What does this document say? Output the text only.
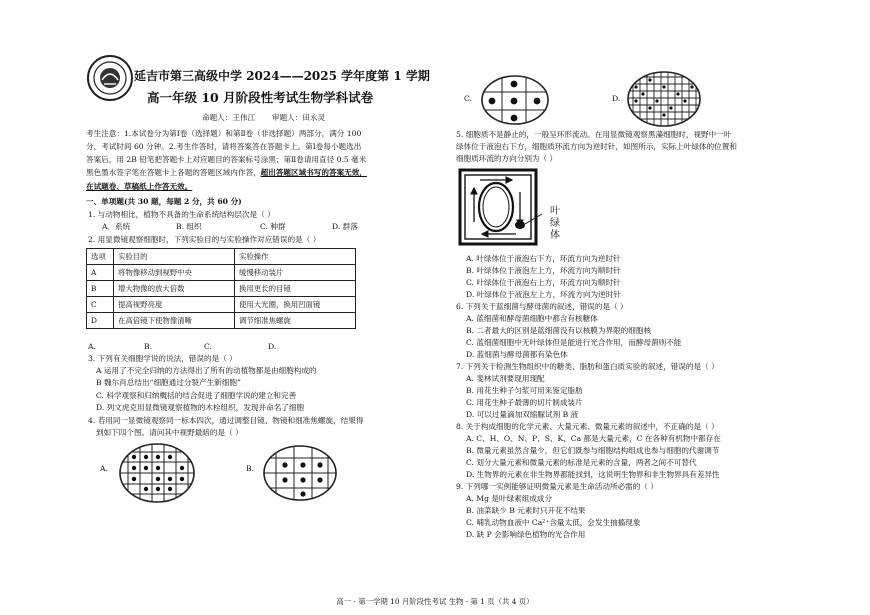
延吉市第三高级中学 2024——2025 学年度第 1 学期
高一年级 10 月阶段性考试生物学科试卷
命题人：王伟江 审题人：田永灵
考生注意：1.本试卷分为第Ⅰ卷（选择题）和第Ⅱ卷（非选择题）两部分，满分 100
分，考试时间 60 分钟。2.考生作答时，请将答案答在答题卡上。第Ⅰ卷每小题选出
答案后，用 2B 铅笔把答题卡上对应题目的答案标号涂黑；第Ⅱ卷请用直径 0.5 毫米
黑色墨水签字笔在答题卡上各题的答题区域内作答，超出答题区域书写的答案无效，
在试题卷、草稿纸上作答无效。
一、单项题(共 30 题，每题 2 分，共 60 分)
1. 与动物相比，植物不具备的生命系统结构层次是（ ）
A．系统	B. 组织	C. 种群	D. 群落
2. 用显微镜观察细胞时，下列实验目的与实验操作对应错误的是（ ）
选项	实验目的	实验操作
A	将物像移动到视野中央	缓慢移动装片
B	增大物像的放大倍数	换用更长的目镜
C	提高视野亮度	使用大光圈，换用凹面镜
D	在高倍镜下使物像清晰	调节细准焦螺旋
A.	B.	C.	D.
3. 下列有关细胞学说的说法，错误的是（ ）
A 运用了不完全归纳的方法得出了所有的动植物都是由细胞构成的
B 魏尔肖总结出“细胞通过分裂产生新细胞”
C. 科学观察和归纳概括的结合促进了细胞学说的建立和完善
D. 列文虎克用显微镜观察植物的木栓组织，发现并命名了细胞
4. 若用同一显微镜观察同一标本四次，通过调整目镜、物镜和细准焦螺旋，结果得
到如下四个图。请问其中视野最暗的是（ ）
A.	B.
C.	D.
5. 细胞质不是静止的，一般呈环形流动。在用显微镜观察黑藻细胞时，视野中一叶
绿体位于液泡右下方，细胞质环流方向为逆时针，如图所示，实际上叶绿体的位置和
细胞质环流的方向分别为（ ）
叶绿体
A. 叶绿体位于液泡右下方，环流方向为逆时针
B. 叶绿体位于液泡左上方，环流方向为顺时针
C. 叶绿体位于液泡右上方，环流方向为顺时针
D. 叶绿体位于液泡左上方，环流方向为逆时针
6. 下列关于蓝细菌与酵母菌的叙述，错误的是（ ）
A. 蓝细菌和酵母菌细胞中都含有核糖体
B. 二者最大的区别是蓝细菌没有以核膜为界限的细胞核
C. 蓝细菌细胞中无叶绿体但是能进行光合作用，而酵母菌则不能
D. 蓝细菌与酵母菌都有染色体
7. 下列关于检测生物组织中的糖类、脂肪和蛋白质实验的叙述，错误的是（ ）
A. 斐林试剂要现用现配
B. 用花生种子匀浆可用来鉴定脂肪
C. 用花生种子最薄的切片制成装片
D. 可以过量滴加双缩脲试剂 B 液
8. 关于构成细胞的化学元素、大量元素、微量元素的叙述中，不正确的是（ ）
A. C、H、O、N、P、S、K、Ca 都是大量元素，C 在各种有机物中都存在
B. 微量元素虽然含量少，但它们既参与细胞结构组成也参与细胞的代谢调节
C. 划分大量元素和微量元素的标准是元素的含量，两者之间不可替代
D. 生物界的元素在非生物界都能找到，这说明生物界和非生物界具有差异性
9. 下列哪一实例能够证明微量元素是生命活动所必需的（ ）
A. Mg 是叶绿素组成成分
B. 油菜缺少 B 元素时只开花不结果
C. 哺乳动物血液中 Ca²⁺含量太低，会发生抽搐现象
D. 缺 P 会影响绿色植物的光合作用
高一 · 第一学期 10 月阶段性考试 生物 · 第 1 页（共 4 页）
